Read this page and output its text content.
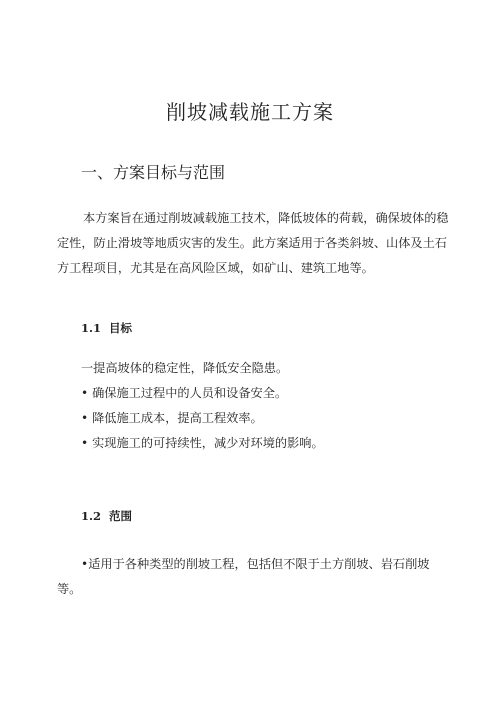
削坡减载施工方案
一、方案目标与范围
本方案旨在通过削坡减载施工技术，降低坡体的荷载，确保坡体的稳定性，防止滑坡等地质灾害的发生。此方案适用于各类斜坡、山体及土石方工程项目，尤其是在高风险区域，如矿山、建筑工地等。
1.1 目标
一提高坡体的稳定性，降低安全隐患。
• 确保施工过程中的人员和设备安全。
• 降低施工成本，提高工程效率。
• 实现施工的可持续性，减少对环境的影响。
1.2 范围
•适用于各种类型的削坡工程，包括但不限于土方削坡、岩石削坡等。
